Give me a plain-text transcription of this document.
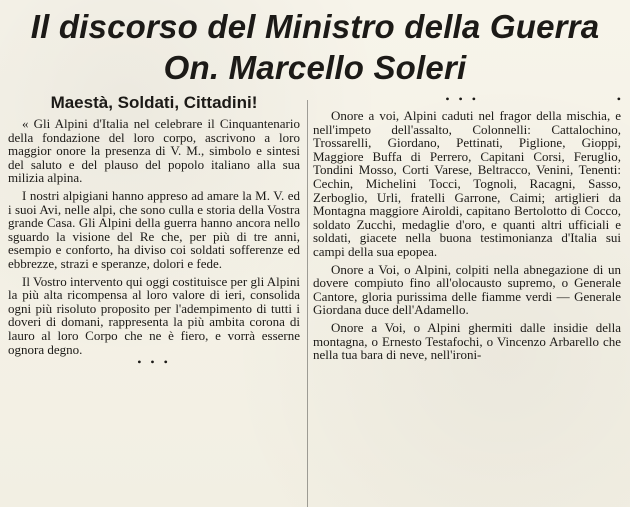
Il discorso del Ministro della Guerra

On. Marcello Soleri

Maestà, Soldati, Cittadini!

« Gli Alpini d'Italia nel celebrare il Cinquantenario della fondazione del loro corpo, ascrivono a loro maggior onore la presenza di V. M., simbolo e sintesi del saluto e del plauso del popolo italiano alla sua milizia alpina.

I nostri alpigiani hanno appreso ad amare la M. V. ed i suoi Avi, nelle alpi, che sono culla e storia della Vostra grande Casa. Gli Alpini della guerra hanno ancora nello sguardo la visione del Re che, per più di tre anni, esempio e conforto, ha diviso coi soldati sofferenze ed ebbrezze, strazi e speranze, dolori e fede.

Il Vostro intervento qui oggi costituisce per gli Alpini la più alta ricompensa al loro valore di ieri, consolida ogni più risoluto proposito per l'adempimento di tutti i doveri di domani, rappresenta la più ambita corona di lauro al loro Corpo che ne è fiero, e vorrà esserne ognora degno.

• • •

• • •	•

Onore a voi, Alpini caduti nel fragor della mischia, e nell'impeto dell'assalto, Colonnelli: Cattalochino, Trossarelli, Giordano, Pettinati, Piglione, Gioppi, Maggiore Buffa di Perrero, Capitani Corsi, Feruglio, Tondini Mosso, Corti Varese, Beltracco, Venini, Tenenti: Cechin, Michelini Tocci, Tognoli, Racagni, Sasso, Zerboglio, Urli, fratelli Garrone, Caimi; artiglieri da Montagna maggiore Airoldi, capitano Bertolotto di Cocco, soldato Zucchi, medaglie d'oro, e quanti altri ufficiali e soldati, giacete nella buona testimonianza d'Italia sui campi della sua epopea.

Onore a Voi, o Alpini, colpiti nella abnegazione di un dovere compiuto fino all'olocausto supremo, o Generale Cantore, gloria purissima delle fiamme verdi — Generale Giordana duce dell'Adamello.

Onore a Voi, o Alpini ghermiti dalle insidie della montagna, o Ernesto Testafochi, o Vincenzo Arbarello che nella tua bara di neve, nell'ironi-
